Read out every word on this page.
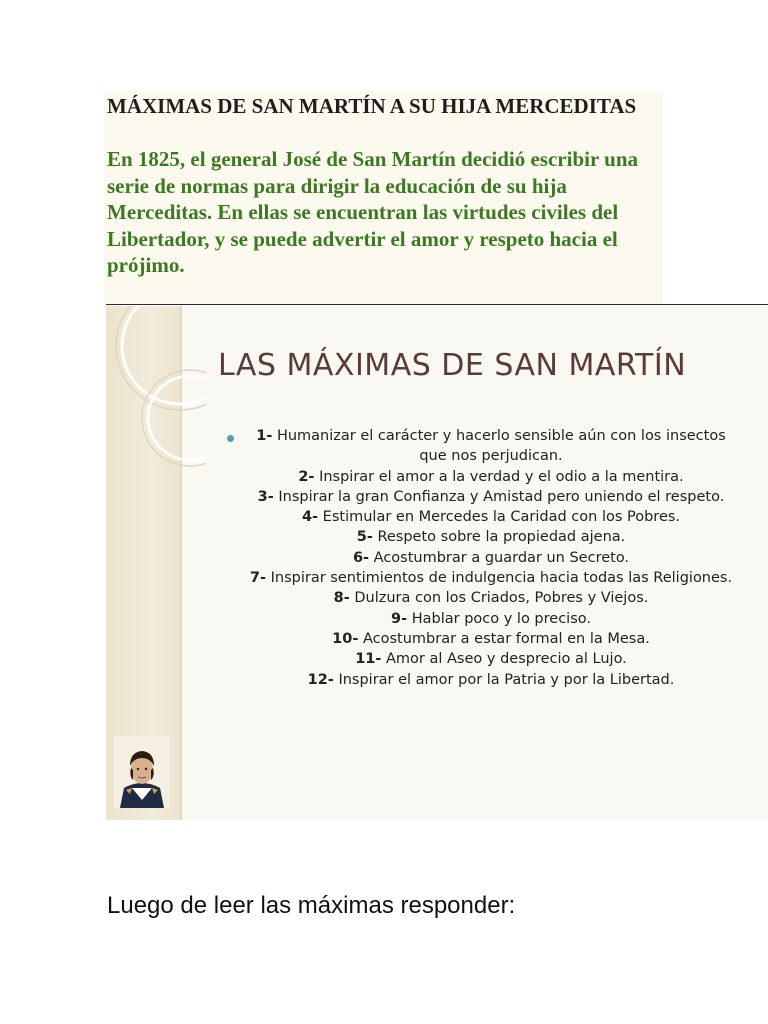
MÁXIMAS DE SAN MARTÍN A SU HIJA MERCEDITAS

En 1825, el general José de San Martín decidió escribir una serie de normas para dirigir la educación de su hija Merceditas. En ellas se encuentran las virtudes civiles del Libertador, y se puede advertir el amor y respeto hacia el prójimo.

LAS MÁXIMAS DE SAN MARTÍN
1- Humanizar el carácter y hacerlo sensible aún con los insectos que nos perjudican.
2- Inspirar el amor a la verdad y el odio a la mentira.
3- Inspirar la gran Confianza y Amistad pero uniendo el respeto.
4- Estimular en Mercedes la Caridad con los Pobres.
5- Respeto sobre la propiedad ajena.
6- Acostumbrar a guardar un Secreto.
7- Inspirar sentimientos de indulgencia hacia todas las Religiones.
8- Dulzura con los Criados, Pobres y Viejos.
9- Hablar poco y lo preciso.
10- Acostumbrar a estar formal en la Mesa.
11- Amor al Aseo y desprecio al Lujo.
12- Inspirar el amor por la Patria y por la Libertad.

Luego de leer las máximas responder:
